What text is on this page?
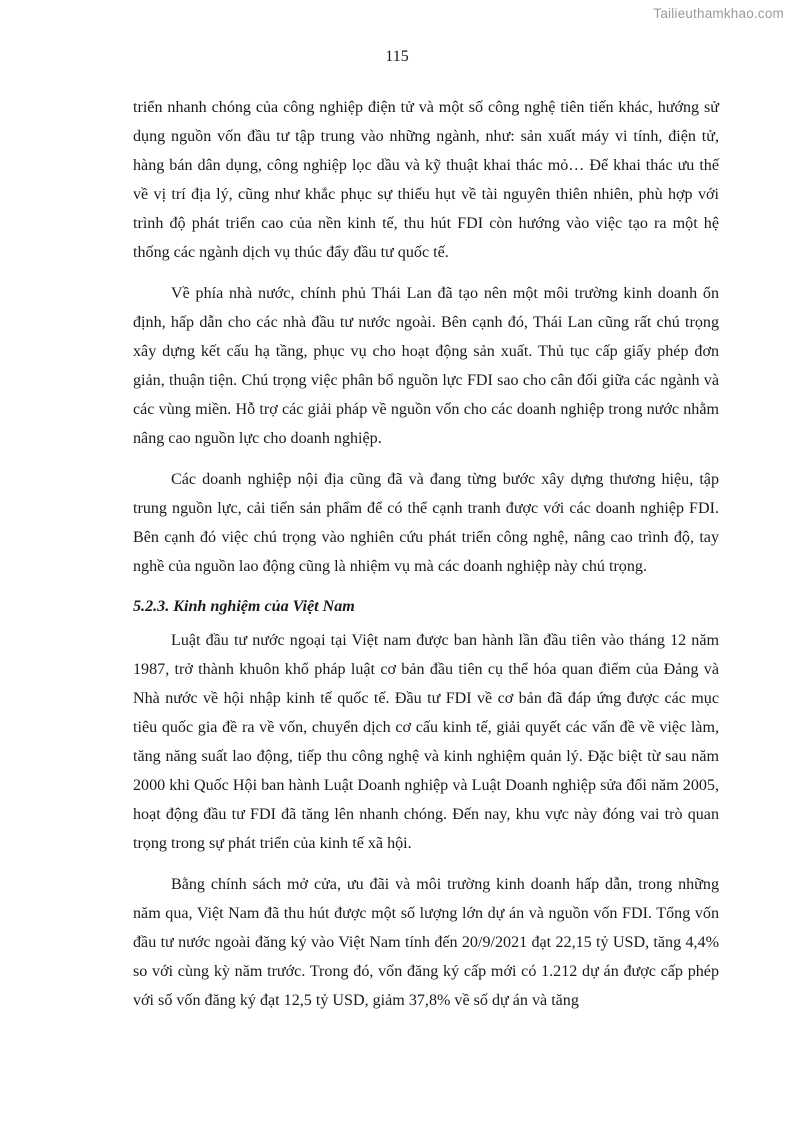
Tailieuthamkhao.com
115

triển nhanh chóng của công nghiệp điện tử và một số công nghệ tiên tiến khác, hướng sử dụng nguồn vốn đầu tư tập trung vào những ngành, như: sản xuất máy vi tính, điện tử, hàng bán dân dụng, công nghiệp lọc dầu và kỹ thuật khai thác mỏ… Để khai thác ưu thế về vị trí địa lý, cũng như khắc phục sự thiếu hụt về tài nguyên thiên nhiên, phù hợp với trình độ phát triển cao của nền kinh tế, thu hút FDI còn hướng vào việc tạo ra một hệ thống các ngành dịch vụ thúc đẩy đầu tư quốc tế.

Về phía nhà nước, chính phủ Thái Lan đã tạo nên một môi trường kinh doanh ổn định, hấp dẫn cho các nhà đầu tư nước ngoài. Bên cạnh đó, Thái Lan cũng rất chú trọng xây dựng kết cấu hạ tầng, phục vụ cho hoạt động sản xuất. Thủ tục cấp giấy phép đơn giản, thuận tiện. Chú trọng việc phân bổ nguồn lực FDI sao cho cân đối giữa các ngành và các vùng miền. Hỗ trợ các giải pháp về nguồn vốn cho các doanh nghiệp trong nước nhằm nâng cao nguồn lực cho doanh nghiệp.

Các doanh nghiệp nội địa cũng đã và đang từng bước xây dựng thương hiệu, tập trung nguồn lực, cải tiến sản phẩm để có thể cạnh tranh được với các doanh nghiệp FDI. Bên cạnh đó việc chú trọng vào nghiên cứu phát triển công nghệ, nâng cao trình độ, tay nghề của nguồn lao động cũng là nhiệm vụ mà các doanh nghiệp này chú trọng.

5.2.3. Kinh nghiệm của Việt Nam

Luật đầu tư nước ngoại tại Việt nam được ban hành lần đầu tiên vào tháng 12 năm 1987, trở thành khuôn khổ pháp luật cơ bản đầu tiên cụ thể hóa quan điểm của Đảng và Nhà nước về hội nhập kinh tế quốc tế. Đầu tư FDI về cơ bản đã đáp ứng được các mục tiêu quốc gia đề ra về vốn, chuyển dịch cơ cấu kinh tế, giải quyết các vấn đề về việc làm, tăng năng suất lao động, tiếp thu công nghệ và kinh nghiệm quản lý. Đặc biệt từ sau năm 2000 khi Quốc Hội ban hành Luật Doanh nghiệp và Luật Doanh nghiệp sửa đổi năm 2005, hoạt động đầu tư FDI đã tăng lên nhanh chóng. Đến nay, khu vực này đóng vai trò quan trọng trong sự phát triển của kinh tế xã hội.

Bằng chính sách mở cửa, ưu đãi và môi trường kinh doanh hấp dẫn, trong những năm qua, Việt Nam đã thu hút được một số lượng lớn dự án và nguồn vốn FDI. Tổng vốn đầu tư nước ngoài đăng ký vào Việt Nam tính đến 20/9/2021 đạt 22,15 tỷ USD, tăng 4,4% so với cùng kỳ năm trước. Trong đó, vốn đăng ký cấp mới có 1.212 dự án được cấp phép với số vốn đăng ký đạt 12,5 tỷ USD, giảm 37,8% về số dự án và tăng
